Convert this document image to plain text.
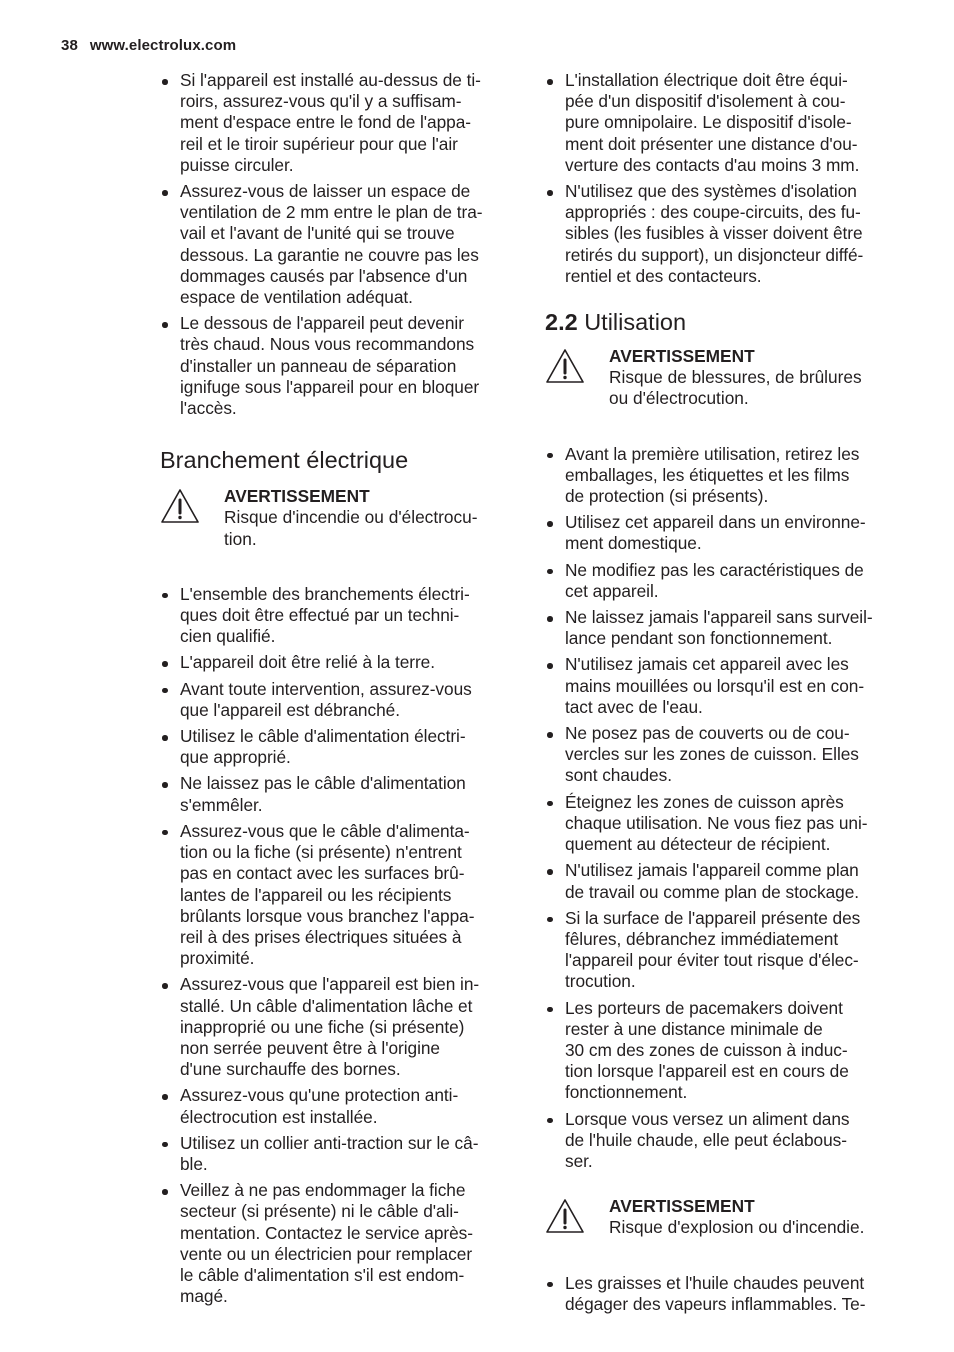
38 www.electrolux.com
Si l'appareil est installé au-dessus de ti-
roirs, assurez-vous qu'il y a suffisam-
ment d'espace entre le fond de l'appa-
reil et le tiroir supérieur pour que l'air
puisse circuler.
Assurez-vous de laisser un espace de
ventilation de 2 mm entre le plan de tra-
vail et l'avant de l'unité qui se trouve
dessous. La garantie ne couvre pas les
dommages causés par l'absence d'un
espace de ventilation adéquat.
Le dessous de l'appareil peut devenir
très chaud. Nous vous recommandons
d'installer un panneau de séparation
ignifuge sous l'appareil pour en bloquer
l'accès.
Branchement électrique
AVERTISSEMENT
Risque d'incendie ou d'électrocu-
tion.
L'ensemble des branchements électri-
ques doit être effectué par un techni-
cien qualifié.
L'appareil doit être relié à la terre.
Avant toute intervention, assurez-vous
que l'appareil est débranché.
Utilisez le câble d'alimentation électri-
que approprié.
Ne laissez pas le câble d'alimentation
s'emmêler.
Assurez-vous que le câble d'alimenta-
tion ou la fiche (si présente) n'entrent
pas en contact avec les surfaces brû-
lantes de l'appareil ou les récipients
brûlants lorsque vous branchez l'appa-
reil à des prises électriques situées à
proximité.
Assurez-vous que l'appareil est bien in-
stallé. Un câble d'alimentation lâche et
inapproprié ou une fiche (si présente)
non serrée peuvent être à l'origine
d'une surchauffe des bornes.
Assurez-vous qu'une protection anti-
électrocution est installée.
Utilisez un collier anti-traction sur le câ-
ble.
Veillez à ne pas endommager la fiche
secteur (si présente) ni le câble d'ali-
mentation. Contactez le service après-
vente ou un électricien pour remplacer
le câble d'alimentation s'il est endom-
magé.
L'installation électrique doit être équi-
pée d'un dispositif d'isolement à cou-
pure omnipolaire. Le dispositif d'isole-
ment doit présenter une distance d'ou-
verture des contacts d'au moins 3 mm.
N'utilisez que des systèmes d'isolation
appropriés : des coupe-circuits, des fu-
sibles (les fusibles à visser doivent être
retirés du support), un disjoncteur diffé-
rentiel et des contacteurs.
2.2 Utilisation
AVERTISSEMENT
Risque de blessures, de brûlures
ou d'électrocution.
Avant la première utilisation, retirez les
emballages, les étiquettes et les films
de protection (si présents).
Utilisez cet appareil dans un environne-
ment domestique.
Ne modifiez pas les caractéristiques de
cet appareil.
Ne laissez jamais l'appareil sans surveil-
lance pendant son fonctionnement.
N'utilisez jamais cet appareil avec les
mains mouillées ou lorsqu'il est en con-
tact avec de l'eau.
Ne posez pas de couverts ou de cou-
vercles sur les zones de cuisson. Elles
sont chaudes.
Éteignez les zones de cuisson après
chaque utilisation. Ne vous fiez pas uni-
quement au détecteur de récipient.
N'utilisez jamais l'appareil comme plan
de travail ou comme plan de stockage.
Si la surface de l'appareil présente des
fêlures, débranchez immédiatement
l'appareil pour éviter tout risque d'élec-
trocution.
Les porteurs de pacemakers doivent
rester à une distance minimale de
30 cm des zones de cuisson à induc-
tion lorsque l'appareil est en cours de
fonctionnement.
Lorsque vous versez un aliment dans
de l'huile chaude, elle peut éclabous-
ser.
AVERTISSEMENT
Risque d'explosion ou d'incendie.
Les graisses et l'huile chaudes peuvent
dégager des vapeurs inflammables. Te-
